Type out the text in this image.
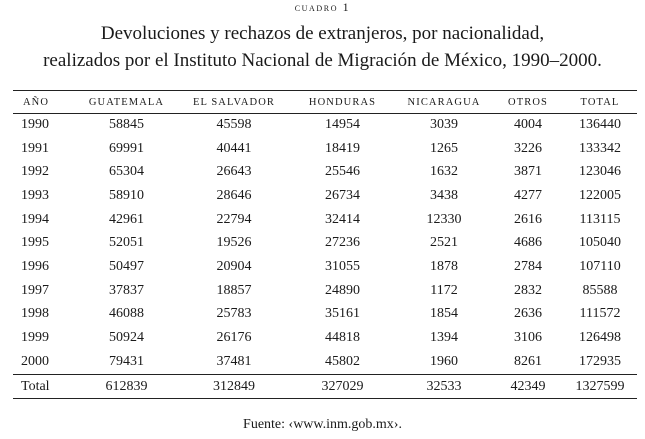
cuadro 1
Devoluciones y rechazos de extranjeros, por nacionalidad,
realizados por el Instituto Nacional de Migración de México, 1990–2000.
AÑO	GUATEMALA	EL SALVADOR	HONDURAS	NICARAGUA	OTROS	TOTAL
1990	58845	45598	14954	3039	4004	136440
1991	69991	40441	18419	1265	3226	133342
1992	65304	26643	25546	1632	3871	123046
1993	58910	28646	26734	3438	4277	122005
1994	42961	22794	32414	12330	2616	113115
1995	52051	19526	27236	2521	4686	105040
1996	50497	20904	31055	1878	2784	107110
1997	37837	18857	24890	1172	2832	85588
1998	46088	25783	35161	1854	2636	111572
1999	50924	26176	44818	1394	3106	126498
2000	79431	37481	45802	1960	8261	172935
Total	612839	312849	327029	32533	42349	1327599
Fuente: ‹www.inm.gob.mx›.
